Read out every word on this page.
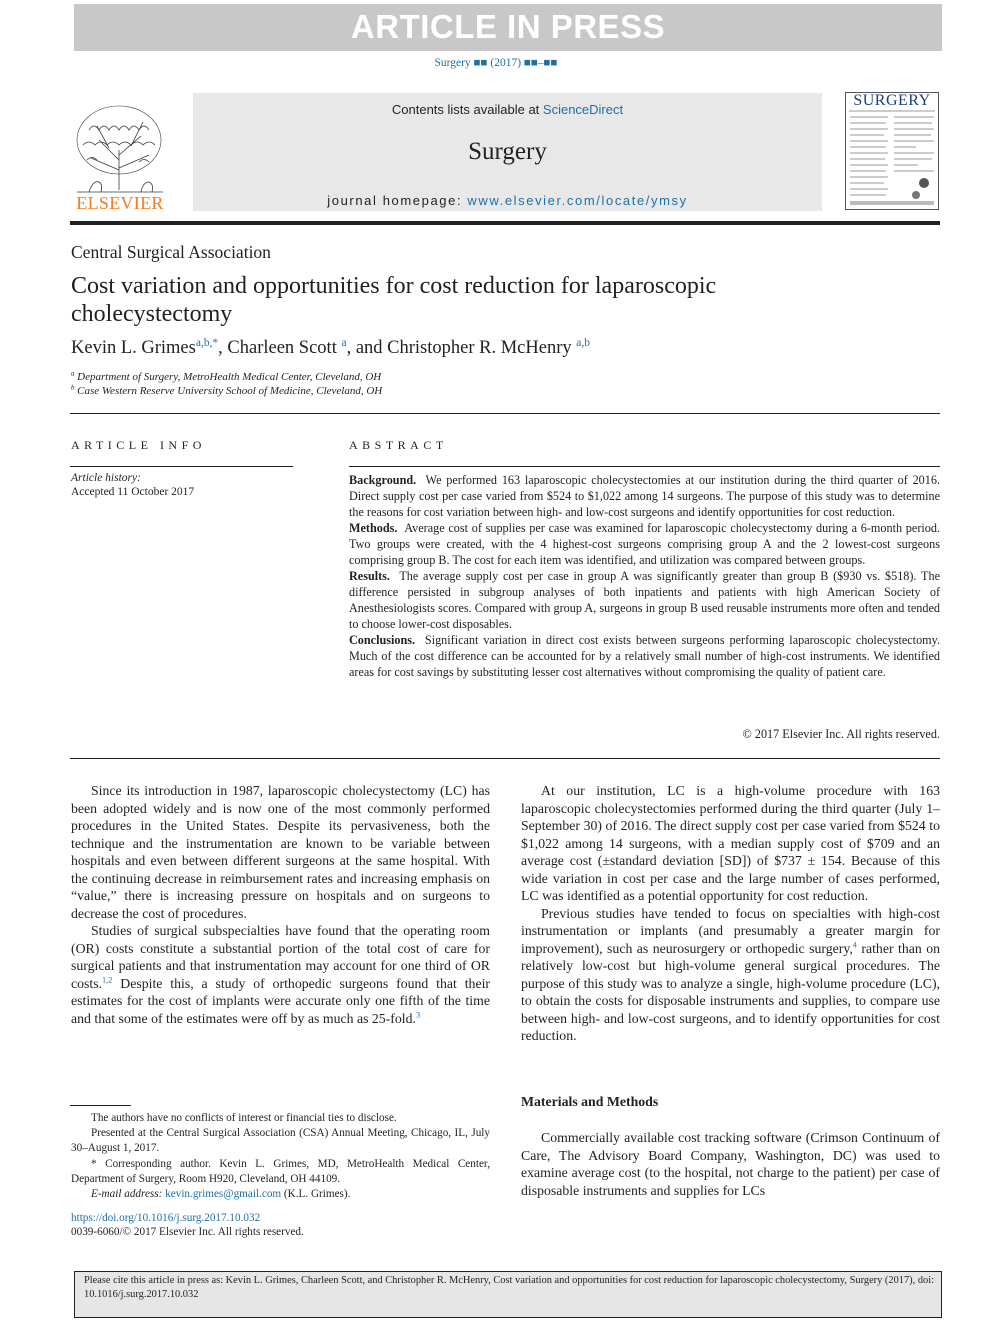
ARTICLE IN PRESS
Surgery ■■ (2017) ■■–■■
ELSEVIER
Contents lists available at ScienceDirect
Surgery
journal homepage: www.elsevier.com/locate/ymsy
SURGERY
Central Surgical Association
Cost variation and opportunities for cost reduction for laparoscopic cholecystectomy
Kevin L. Grimes$^{a,b,*}$, Charleen Scott $^a$, and Christopher R. McHenry $^{a,b}$
$^a$ Department of Surgery, MetroHealth Medical Center, Cleveland, OH
$^b$ Case Western Reserve University School of Medicine, Cleveland, OH
ARTICLE INFO
Article history:
Accepted 11 October 2017
ABSTRACT

Background. We performed 163 laparoscopic cholecystectomies at our institution during the third quarter of 2016. Direct supply cost per case varied from $524 to $1,022 among 14 surgeons. The purpose of this study was to determine the reasons for cost variation between high- and low-cost surgeons and identify opportunities for cost reduction.

Methods. Average cost of supplies per case was examined for laparoscopic cholecystectomy during a 6-month period. Two groups were created, with the 4 highest-cost surgeons comprising group A and the 2 lowest-cost surgeons comprising group B. The cost for each item was identified, and utilization was compared between groups.

Results. The average supply cost per case in group A was significantly greater than group B ($930 vs. $518). The difference persisted in subgroup analyses of both inpatients and patients with high American Society of Anesthesiologists scores. Compared with group A, surgeons in group B used reusable instruments more often and tended to choose lower-cost disposables.

Conclusions. Significant variation in direct cost exists between surgeons performing laparoscopic cholecystectomy. Much of the cost difference can be accounted for by a relatively small number of high-cost instruments. We identified areas for cost savings by substituting lesser cost alternatives without compromising the quality of patient care.

© 2017 Elsevier Inc. All rights reserved.

Since its introduction in 1987, laparoscopic cholecystectomy (LC) has been adopted widely and is now one of the most commonly performed procedures in the United States. Despite its pervasiveness, both the technique and the instrumentation are known to be variable between hospitals and even between different surgeons at the same hospital. With the continuing decrease in reimbursement rates and increasing emphasis on “value,” there is increasing pressure on hospitals and on surgeons to decrease the cost of procedures.

Studies of surgical subspecialties have found that the operating room (OR) costs constitute a substantial portion of the total cost of care for surgical patients and that instrumentation may account for one third of OR costs.$^{1,2}$ Despite this, a study of orthopedic surgeons found that their estimates for the cost of implants were accurate only one fifth of the time and that some of the estimates were off by as much as 25-fold.$^3$

At our institution, LC is a high-volume procedure with 163 laparoscopic cholecystectomies performed during the third quarter (July 1–September 30) of 2016. The direct supply cost per case varied from $524 to $1,022 among 14 surgeons, with a median supply cost of $709 and an average cost (±standard deviation [SD]) of $737 ± 154. Because of this wide variation in cost per case and the large number of cases performed, LC was identified as a potential opportunity for cost reduction.

Previous studies have tended to focus on specialties with high-cost instrumentation or implants (and presumably a greater margin for improvement), such as neurosurgery or orthopedic surgery,$^4$ rather than on relatively low-cost but high-volume general surgical procedures. The purpose of this study was to analyze a single, high-volume procedure (LC), to obtain the costs for disposable instruments and supplies, to compare use between high- and low-cost surgeons, and to identify opportunities for cost reduction.

Materials and Methods

Commercially available cost tracking software (Crimson Continuum of Care, The Advisory Board Company, Washington, DC) was used to examine average cost (to the hospital, not charge to the patient) per case of disposable instruments and supplies for LCs

The authors have no conflicts of interest or financial ties to disclose.

Presented at the Central Surgical Association (CSA) Annual Meeting, Chicago, IL, July 30–August 1, 2017.

* Corresponding author. Kevin L. Grimes, MD, MetroHealth Medical Center, Department of Surgery, Room H920, Cleveland, OH 44109.

E-mail address: kevin.grimes@gmail.com (K.L. Grimes).

https://doi.org/10.1016/j.surg.2017.10.032
0039-6060/© 2017 Elsevier Inc. All rights reserved.
Please cite this article in press as: Kevin L. Grimes, Charleen Scott, and Christopher R. McHenry, Cost variation and opportunities for cost reduction for laparoscopic cholecystectomy, Surgery (2017), doi: 10.1016/j.surg.2017.10.032
